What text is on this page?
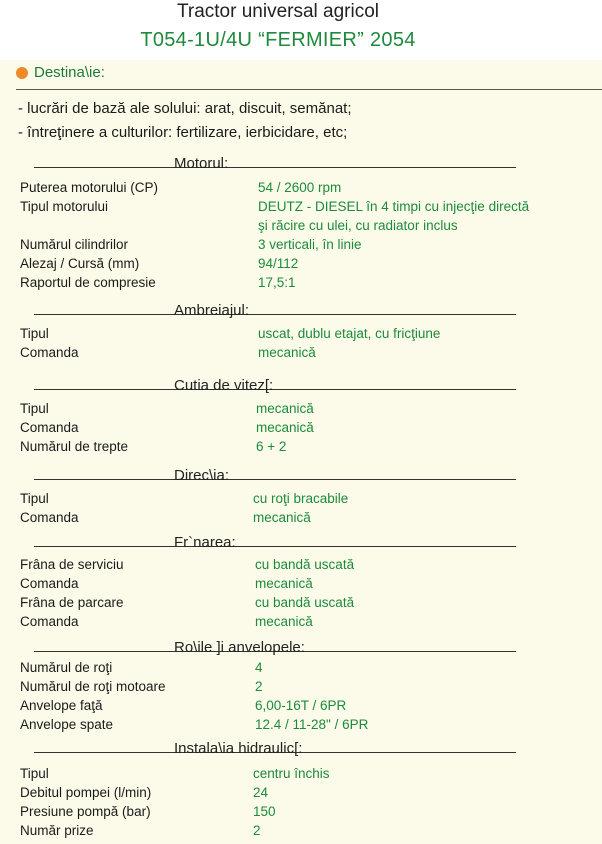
Tractor universal agricol
T054-1U/4U “FERMIER” 2054
Destina\ie:
- lucrări de bază ale solului: arat, discuit, semănat;
- întreţinere a culturilor: fertilizare, ierbicidare, etc;
Motorul:
Puterea motorului (CP)	54 / 2600 rpm
Tipul motorului	DEUTZ - DIESEL în 4 timpi cu injecţie directă
şi răcire cu ulei, cu radiator inclus
Numărul cilindrilor	3 verticali, în linie
Alezaj / Cursă (mm)	94/112
Raportul de compresie	17,5:1
Ambreiajul:
Tipul	uscat, dublu etajat, cu fricţiune
Comanda	mecanică
Cutia de vitez[:
Tipul	mecanică
Comanda	mecanică
Numărul de trepte	6 + 2
Direc\ia:
Tipul	cu roţi bracabile
Comanda	mecanică
Fr`narea:
Frâna de serviciu	cu bandă uscată
Comanda	mecanică
Frâna de parcare	cu bandă uscată
Comanda	mecanică
Ro\ile ]i anvelopele:
Numărul de roţi	4
Numărul de roţi motoare	2
Anvelope faţă	6,00-16T / 6PR
Anvelope spate	12.4 / 11-28" / 6PR
Instala\ia hidraulic[:
Tipul	centru închis
Debitul pompei (l/min)	24
Presiune pompă (bar)	150
Număr prize	2
